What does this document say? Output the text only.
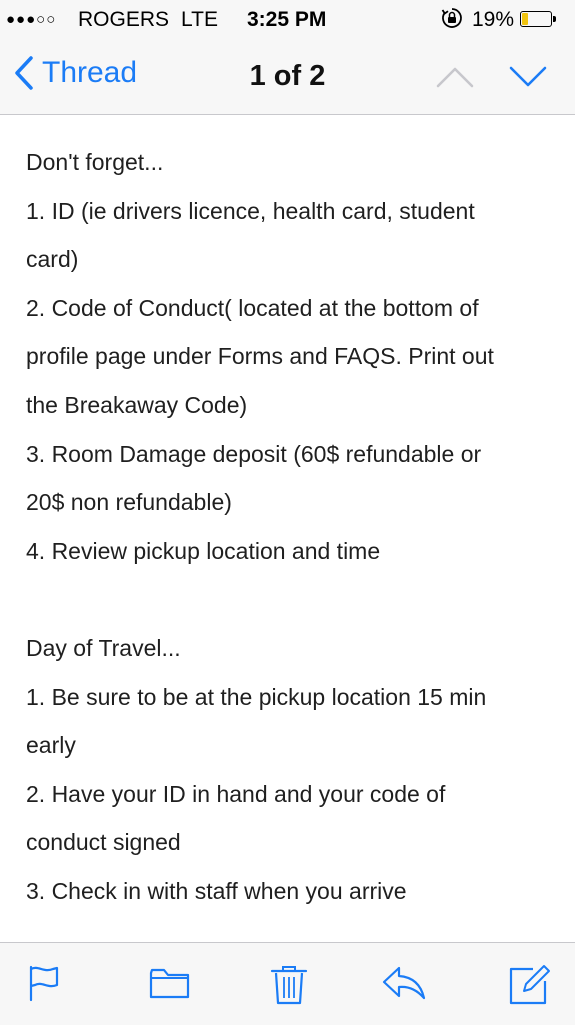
●●●○○ ROGERS LTE 3:25 PM	19%
Thread	1 of 2
Don't forget...
1. ID (ie drivers licence, health card, student
card)
2. Code of Conduct( located at the bottom of
profile page under Forms and FAQS. Print out
the Breakaway Code)
3. Room Damage deposit (60$ refundable or
20$ non refundable)
4. Review pickup location and time
Day of Travel...
1. Be sure to be at the pickup location 15 min
early
2. Have your ID in hand and your code of
conduct signed
3. Check in with staff when you arrive
